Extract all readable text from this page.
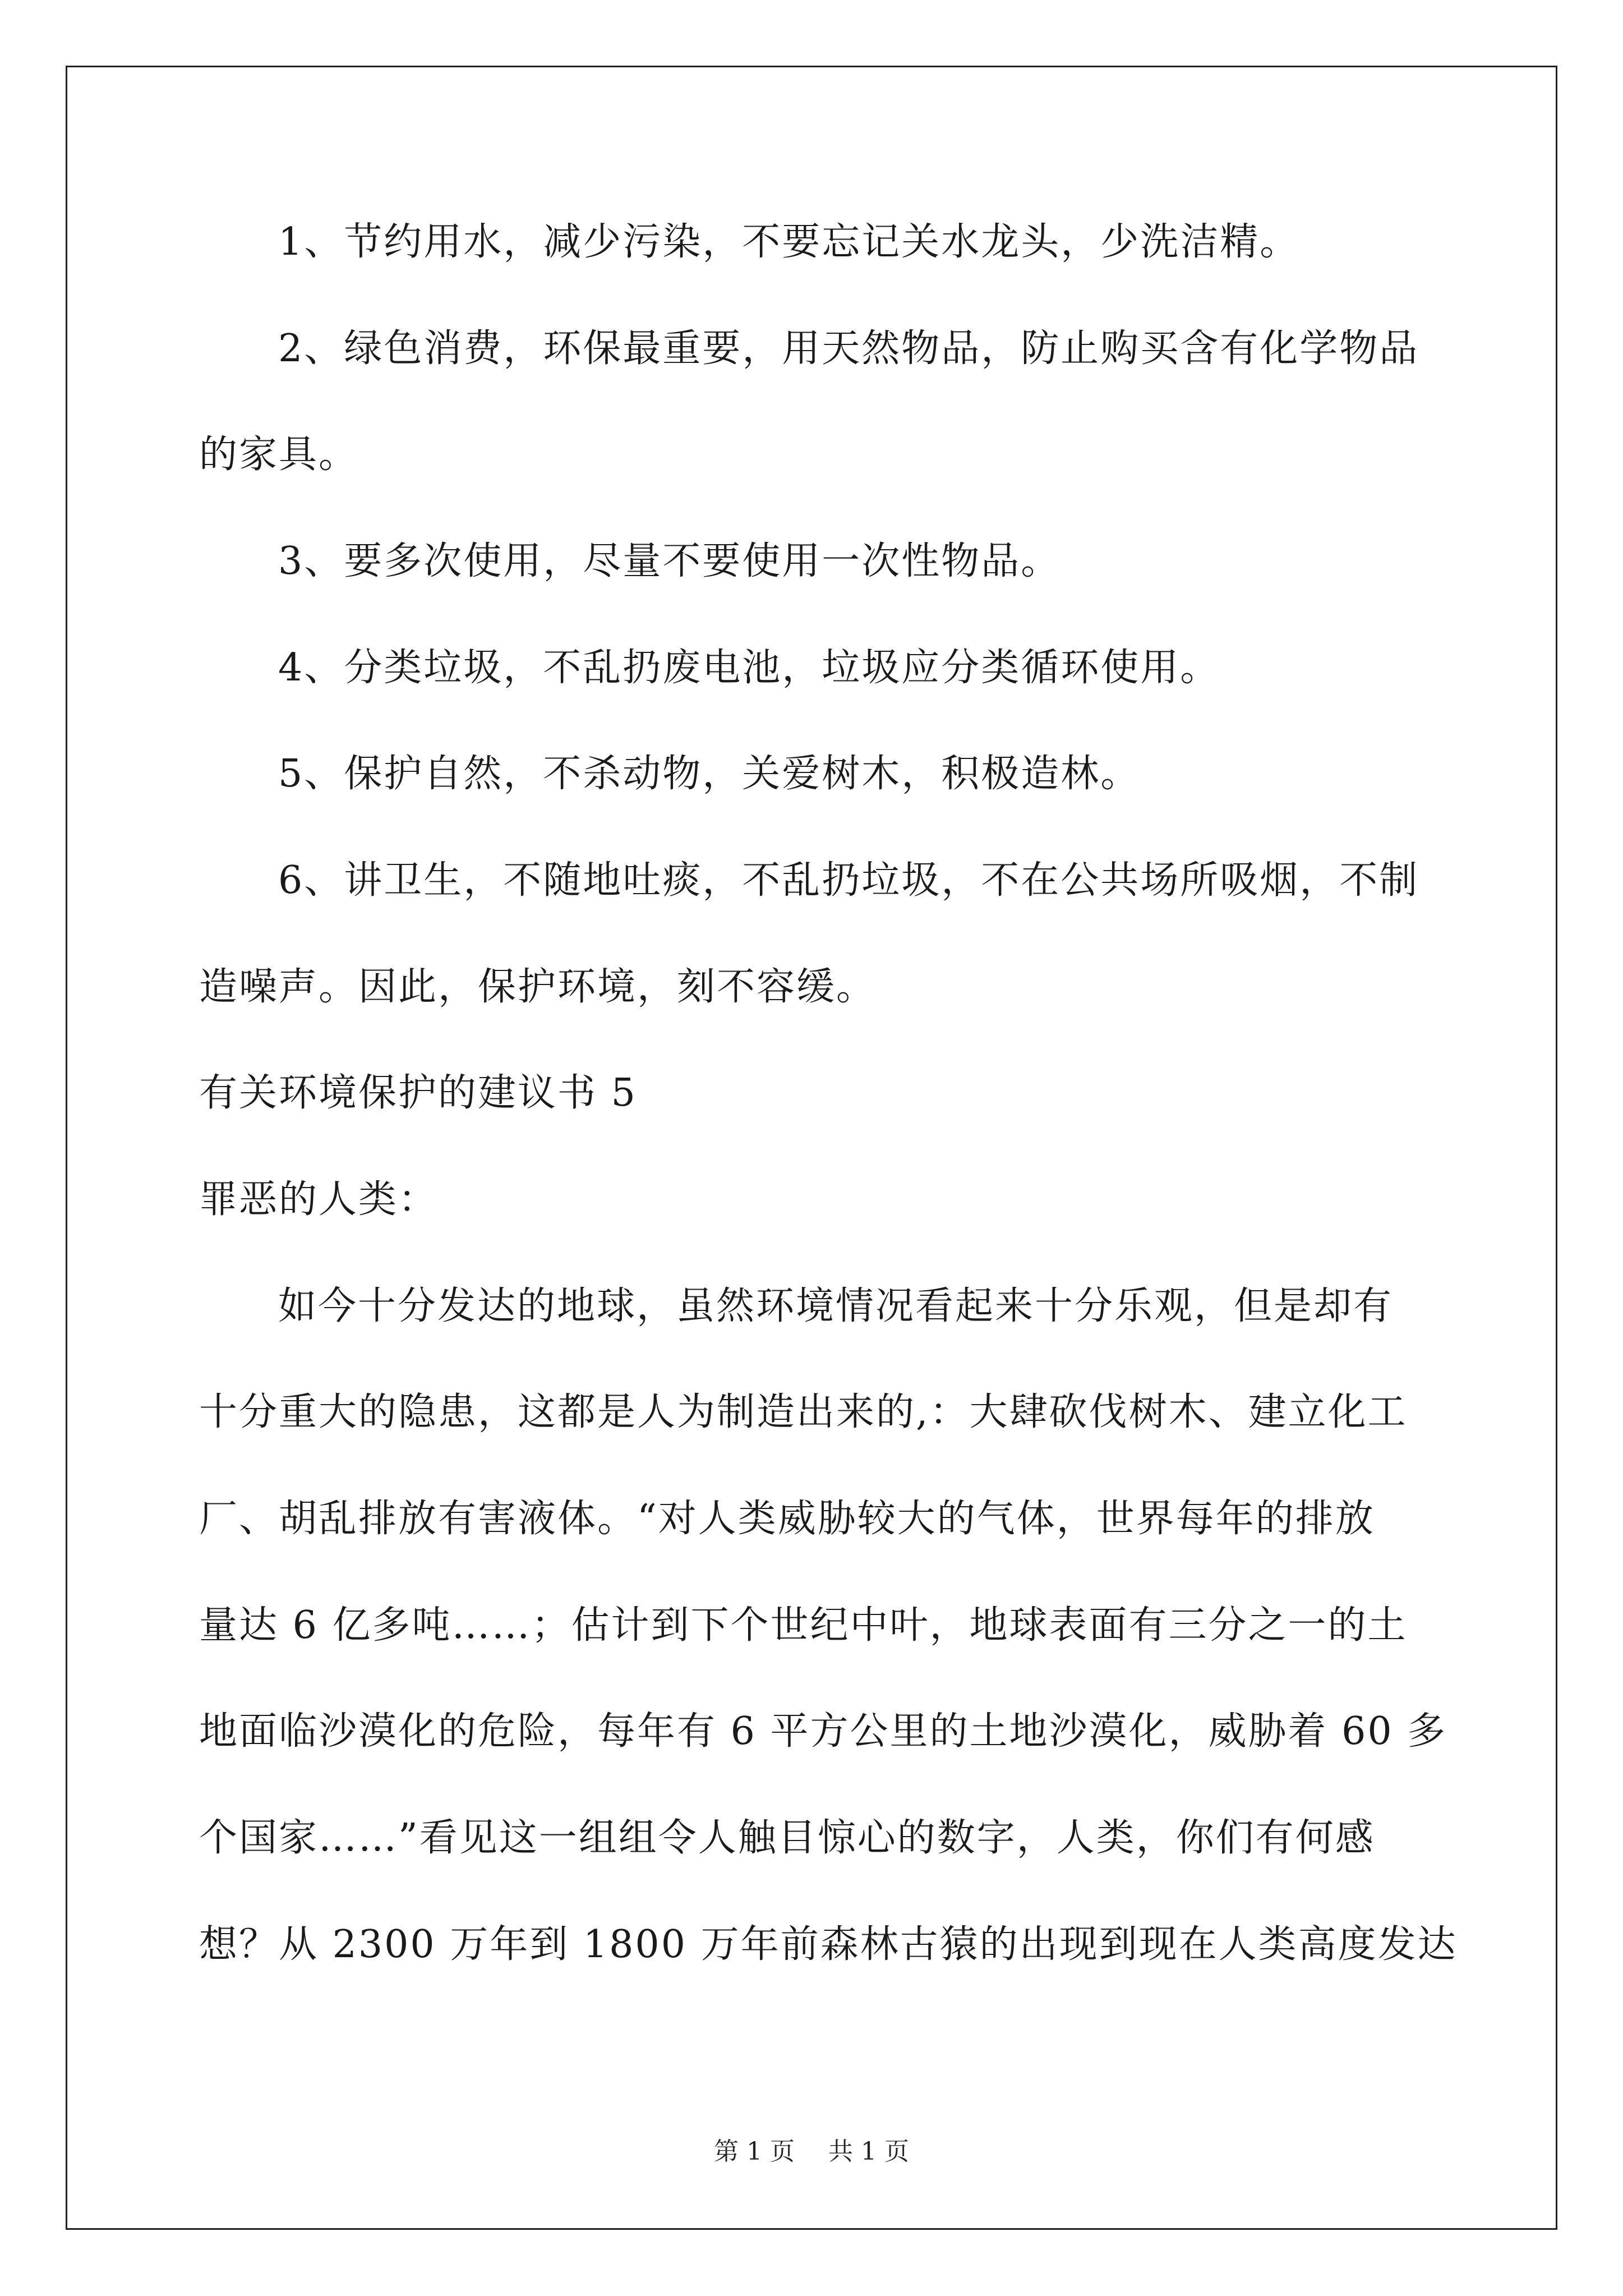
1、节约用水，减少污染，不要忘记关水龙头，少洗洁精。
2、绿色消费，环保最重要，用天然物品，防止购买含有化学物品
的家具。
3、要多次使用，尽量不要使用一次性物品。
4、分类垃圾，不乱扔废电池，垃圾应分类循环使用。
5、保护自然，不杀动物，关爱树木，积极造林。
6、讲卫生，不随地吐痰，不乱扔垃圾，不在公共场所吸烟，不制
造噪声。因此，保护环境，刻不容缓。
有关环境保护的建议书 5
罪恶的人类：
如今十分发达的地球，虽然环境情况看起来十分乐观，但是却有
十分重大的隐患，这都是人为制造出来的,：大肆砍伐树木、建立化工
厂、胡乱排放有害液体。“对人类威胁较大的气体，世界每年的排放
量达 6 亿多吨……；估计到下个世纪中叶，地球表面有三分之一的土
地面临沙漠化的危险，每年有 6 平方公里的土地沙漠化，威胁着 60 多
个国家……”看见这一组组令人触目惊心的数字，人类，你们有何感
想？从 2300 万年到 1800 万年前森林古猿的出现到现在人类高度发达
第 1 页 共 1 页
